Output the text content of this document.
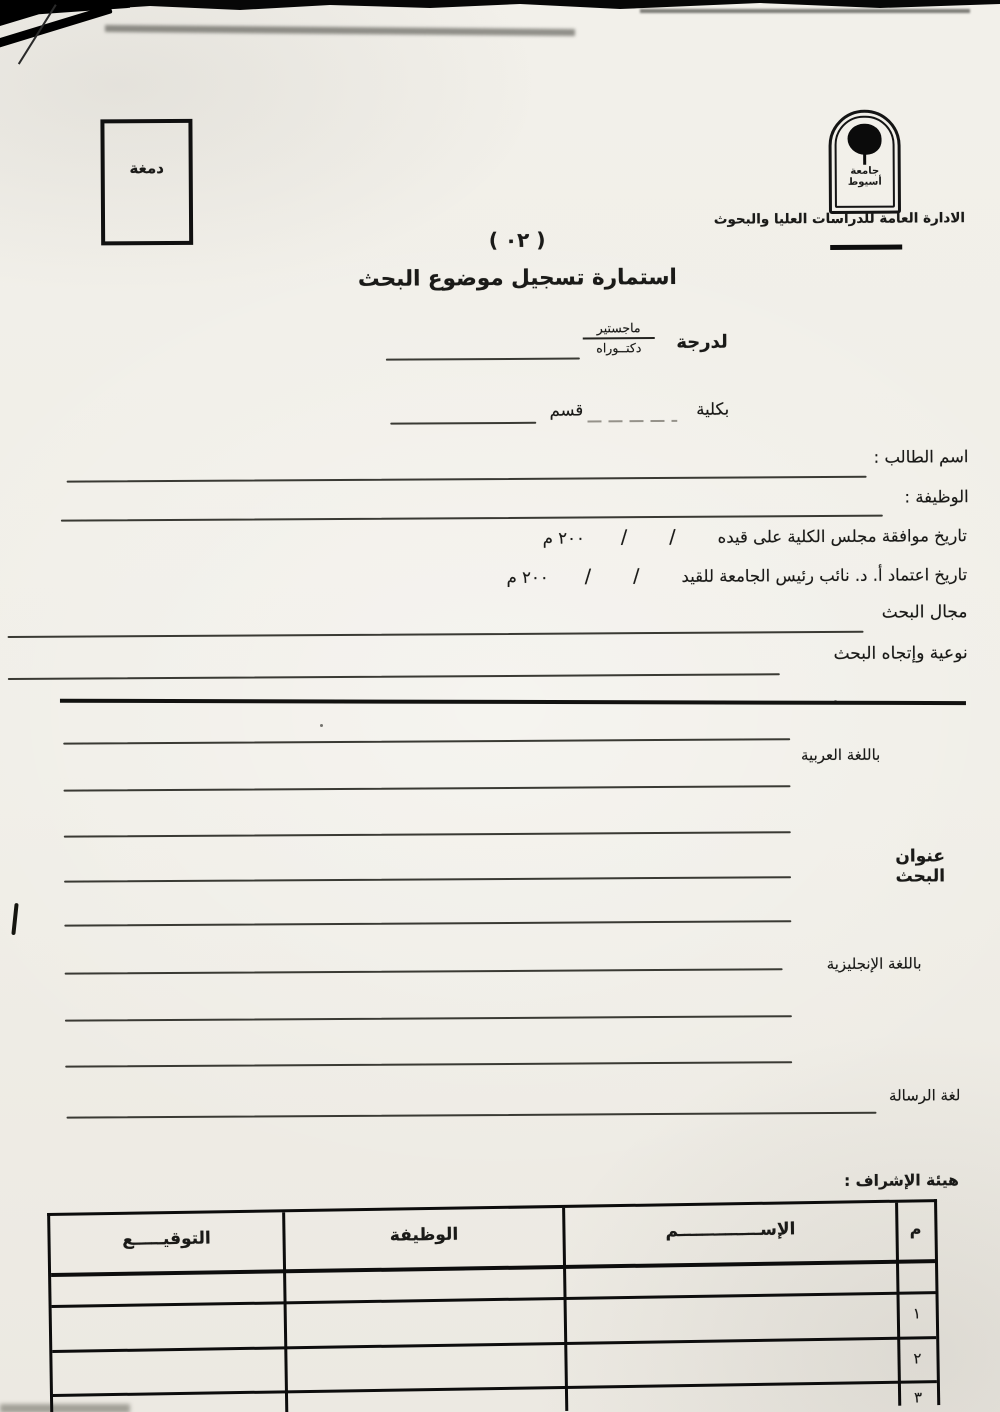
دمغة	جامعة
أسيوط
الادارة العامة للدراسات العليا والبحوث
( ٠٢ )
استمارة تسجيل موضوع البحث
لدرجة
ماجستير
دكتــوراه
بكلية
قسم
اسم الطالب :
الوظيفة :
تاريخ موافقة مجلس الكلية على قيده
/
/
٢٠٠ م
تاريخ اعتماد أ. د. نائب رئيس الجامعة للقيد
/
/
٢٠٠ م
مجال البحث
نوعية وإتجاه البحث
باللغة العربية
عنوان البحث
باللغة الإنجليزية
لغة الرسالة
هيئة الإشراف :
التوقيـــــع	الوظيفة	الإســــــــــــــم	م
١
٢
٣
